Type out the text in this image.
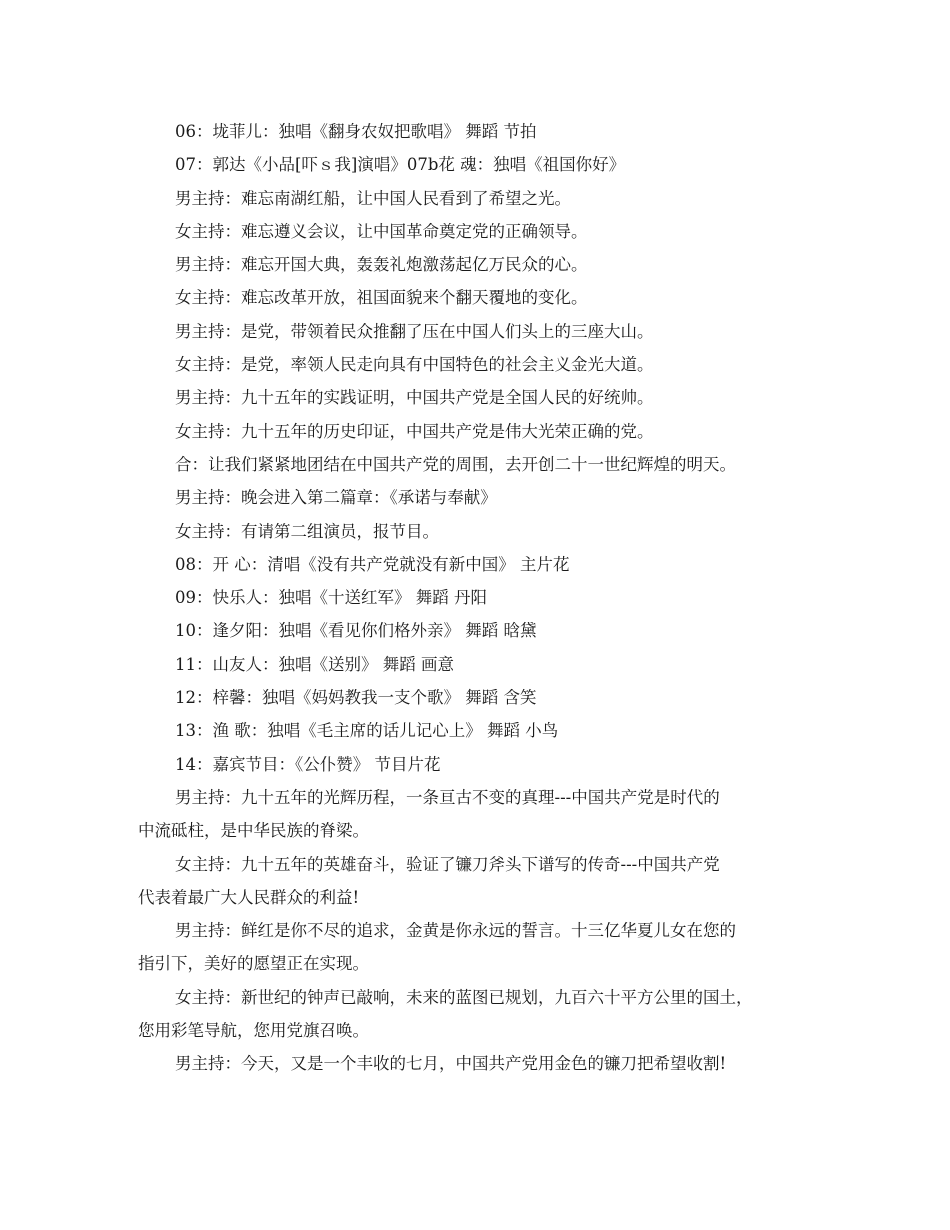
06：垅菲儿：独唱《翻身农奴把歌唱》 舞蹈 节拍
07：郭达《小品[吓ｓ我]演唱》07b花 魂：独唱《祖国你好》
男主持：难忘南湖红船，让中国人民看到了希望之光。
女主持：难忘遵义会议，让中国革命奠定党的正确领导。
男主持：难忘开国大典，轰轰礼炮激荡起亿万民众的心。
女主持：难忘改革开放，祖国面貌来个翻天覆地的变化。
男主持：是党，带领着民众推翻了压在中国人们头上的三座大山。
女主持：是党，率领人民走向具有中国特色的社会主义金光大道。
男主持：九十五年的实践证明，中国共产党是全国人民的好统帅。
女主持：九十五年的历史印证，中国共产党是伟大光荣正确的党。
合：让我们紧紧地团结在中国共产党的周围，去开创二十一世纪辉煌的明天。
男主持：晚会进入第二篇章：《承诺与奉献》
女主持：有请第二组演员，报节目。
08：开 心：清唱《没有共产党就没有新中国》 主片花
09：快乐人：独唱《十送红军》 舞蹈 丹阳
10：逢夕阳：独唱《看见你们格外亲》 舞蹈 晗黛
11：山友人：独唱《送别》 舞蹈 画意
12：梓馨：独唱《妈妈教我一支个歌》 舞蹈 含笑
13：渔 歌：独唱《毛主席的话儿记心上》 舞蹈 小鸟
14：嘉宾节目：《公仆赞》 节目片花
男主持：九十五年的光辉历程，一条亘古不变的真理---中国共产党是时代的
中流砥柱，是中华民族的脊梁。
女主持：九十五年的英雄奋斗，验证了镰刀斧头下谱写的传奇---中国共产党
代表着最广大人民群众的利益!
男主持：鲜红是你不尽的追求，金黄是你永远的誓言。十三亿华夏儿女在您的
指引下，美好的愿望正在实现。
女主持：新世纪的钟声已敲响，未来的蓝图已规划，九百六十平方公里的国土，
您用彩笔导航，您用党旗召唤。
男主持：今天，又是一个丰收的七月，中国共产党用金色的镰刀把希望收割!
